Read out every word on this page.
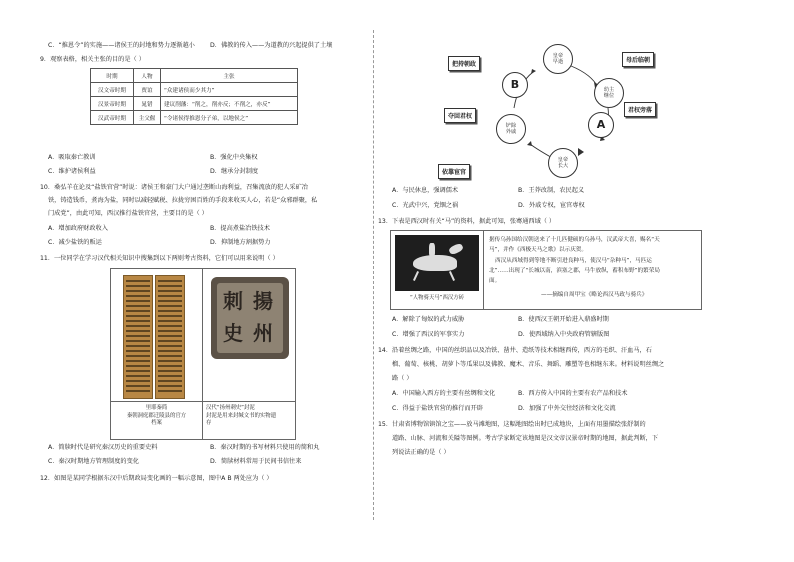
C．“推恩令”的实施——诸侯王的封地和势力逐渐越小 D．佛教的传入——为道教的兴起提供了土壤
9．观察表格，相关主张的目的是（ ）
时期	人物	主张
汉文帝时期	贾谊	“众建诸侯而少其力”
汉景帝时期	晁错	建议削藩：“削之，削亦反；不削之，亦反”
汉武帝时期	主父偃	“令诸侯得推恩分子弟，以地侯之”
A．吸取秦亡教训	B．强化中央集权
C．维护诸侯利益	D．继承分封制度
10．桑弘羊在论及“盐铁官营”时说：诸侯王和豪门大户通过垄断山海利益，召集流放的犯人采矿冶
铁，铸造钱币，煮海为盐，同时以减轻赋税、拉拢穷困百姓的手段来收买人心，若是“众邪群聚，私
门成党”，由此可知，西汉推行盐铁官营，主要目的是（ ）
A．增加政府财政收入	B．提高煮盐冶铁技术
C．减少盐铁的贩运	D．抑制地方割据势力
11．一位同学在学习汉代相关知识中搜集到以下两则考古资料，它们可以用来说明（ ）
揚
州
刺
史
里耶秦简
秦朝洞庭郡迁陵县的官方
档案
汉代“扬州刺史”封泥
封泥是用来封缄文书的实物遗
存
A．简牍时代是研究秦汉历史的重要史料	B．秦汉时期的书写材料只使用的简和丸
C．秦汉时期地方管理制度的变化	D．简牍材料常用于民间书信往来
12．如图是某同学根据东汉中后期政局变化画的一幅示意图，图中A B 两处应为（ ）
皇帝
早逝
幼主
继位
A
皇帝
长大
铲除
外戚
B
把持朝政
母后临朝
君权旁落
夺回君权
依靠宦官
A．与民休息，强调儒术	B．王莽改制，农民起义
C．光武中兴，党锢之祸	D．外戚专权，宦官専权
13．下表是西汉时有关“马”的资料，据此可知，张骞通西域（ ）
“人物骑天马”西汉方砖
据传乌孙国给汉朝送来了十几匹健硕的乌孙马，汉武帝大喜，赐名“天
马”，并作《西极天马之歌》以示庆贺。
西汉从西域得到等地不断引进良种马，使汉马“杂种马”，马匹运
北”……出现了“长城以南，滨塞之郡，马牛放纵，蓄积布野”的繁荣局
面。
——摘编自周甲宝《略论西汉马政与骑兵》
A．解除了匈奴的武力威胁	B．使西汉王朝开始进入鼎盛时期
C．增强了西汉的军事实力	D．使西域纳入中央政府管辖版图
14．沿着丝绸之路，中国的丝织品以及冶铁、凿井、造纸等技术相继西传，西方的毛织、汗血马，石
榴、葡萄、核桃、胡萝卜等瓜果以及佛教、魔术、音乐、舞蹈、雕塑等也相继东来。材料说明丝绸之
路（ ）
A．中国输入西方的主要有丝绸和文化	B．西方传入中国的主要有农产品和技术
C．得益于盐铁官营的推行而开辟	D．加强了中外交往经济和文化交流
15．甘肃省博物馆镇馆之宝——放马滩地图，这幅地图绘出时已成地块，上面有用墨描绘张舒制的
道路、山脉、河流和关隘等图例。考古学家断定该地图是汉文帝汉景帝时期的地图，据此判断，下
列说法正确的是（ ）
